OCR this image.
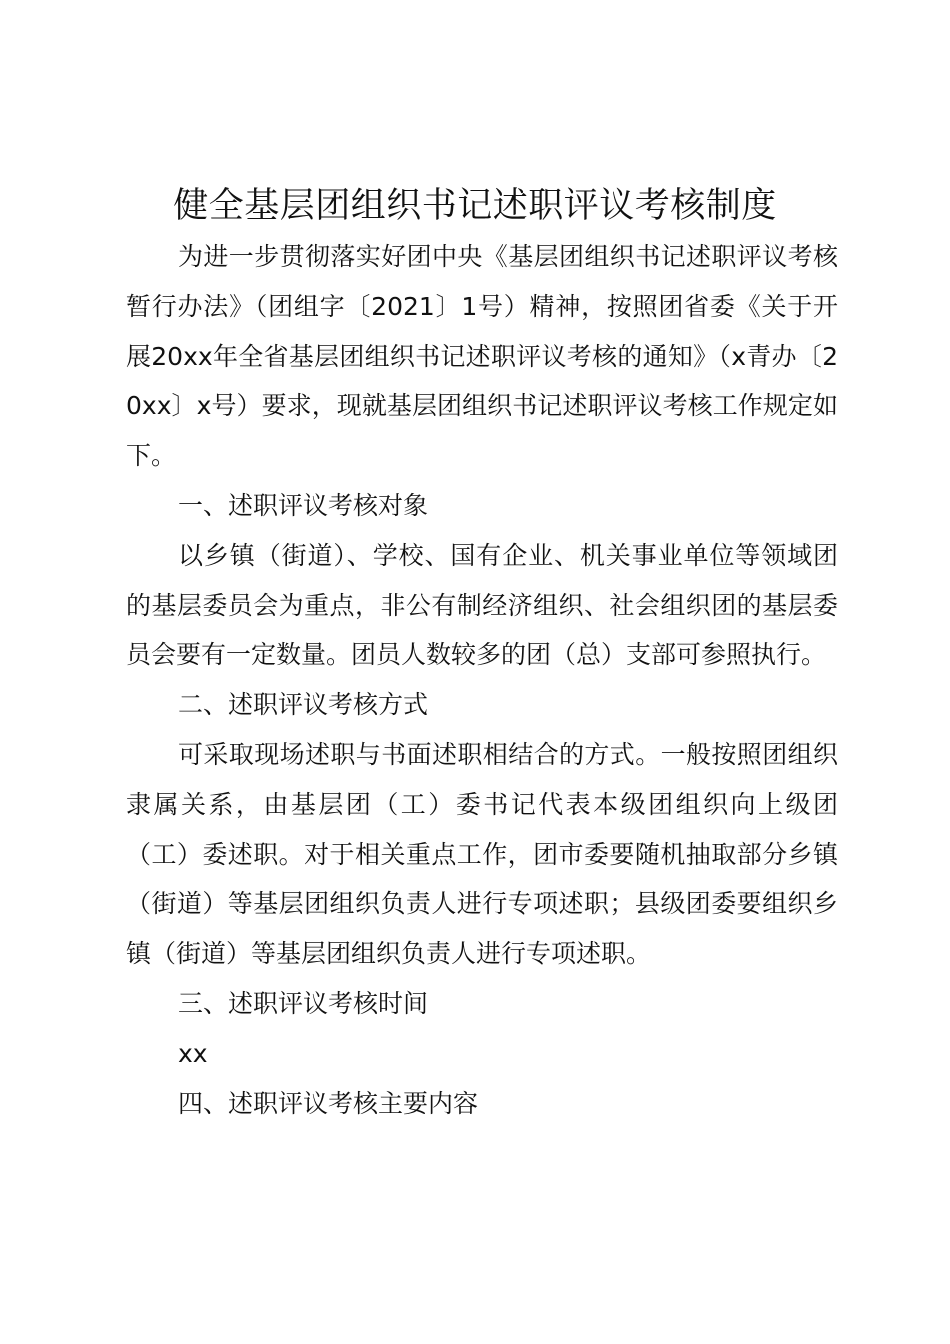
健全基层团组织书记述职评议考核制度

为进一步贯彻落实好团中央《基层团组织书记述职评议考核暂行办法》（团组字〔2021〕1号）精神，按照团省委《关于开展20xx年全省基层团组织书记述职评议考核的通知》（x青办〔20xx〕x号）要求，现就基层团组织书记述职评议考核工作规定如下。

一、述职评议考核对象

以乡镇（街道）、学校、国有企业、机关事业单位等领域团的基层委员会为重点，非公有制经济组织、社会组织团的基层委员会要有一定数量。团员人数较多的团（总）支部可参照执行。

二、述职评议考核方式

可采取现场述职与书面述职相结合的方式。一般按照团组织隶属关系，由基层团（工）委书记代表本级团组织向上级团（工）委述职。对于相关重点工作，团市委要随机抽取部分乡镇（街道）等基层团组织负责人进行专项述职；县级团委要组织乡镇（街道）等基层团组织负责人进行专项述职。

三、述职评议考核时间

xx

四、述职评议考核主要内容
